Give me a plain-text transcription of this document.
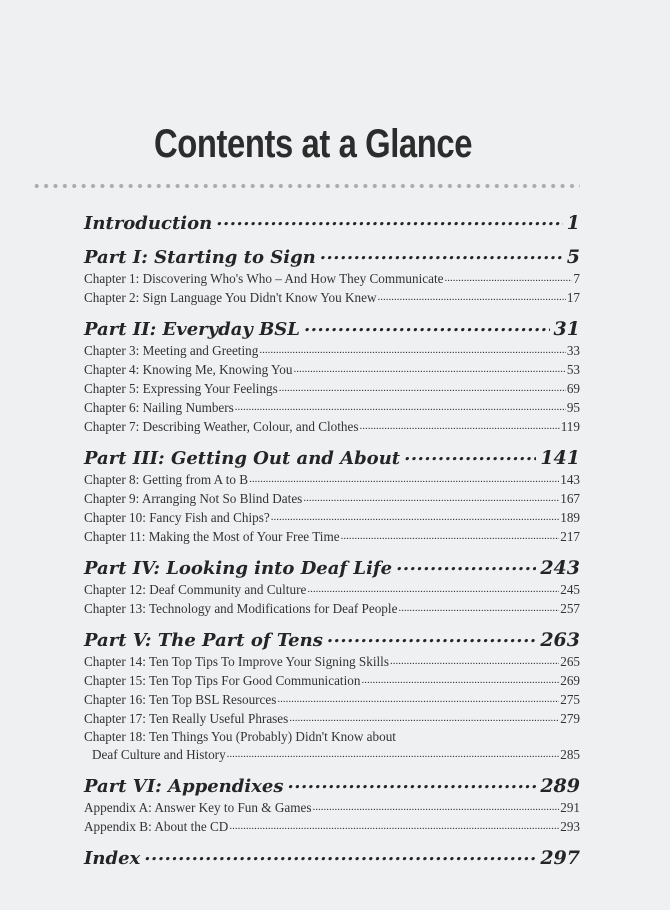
Contents at a Glance
Introduction .....	1
Part I: Starting to Sign .....	5
Chapter 1: Discovering Who's Who – And How They Communicate .....	7
Chapter 2: Sign Language You Didn't Know You Knew .....	17
Part II: Everyday BSL .....	31
Chapter 3: Meeting and Greeting .....	33
Chapter 4: Knowing Me, Knowing You .....	53
Chapter 5: Expressing Your Feelings .....	69
Chapter 6: Nailing Numbers .....	95
Chapter 7: Describing Weather, Colour, and Clothes .....	119
Part III: Getting Out and About .....	141
Chapter 8: Getting from A to B .....	143
Chapter 9: Arranging Not So Blind Dates .....	167
Chapter 10: Fancy Fish and Chips? .....	189
Chapter 11: Making the Most of Your Free Time .....	217
Part IV: Looking into Deaf Life .....	243
Chapter 12: Deaf Community and Culture .....	245
Chapter 13: Technology and Modifications for Deaf People .....	257
Part V: The Part of Tens .....	263
Chapter 14: Ten Top Tips To Improve Your Signing Skills .....	265
Chapter 15: Ten Top Tips For Good Communication .....	269
Chapter 16: Ten Top BSL Resources .....	275
Chapter 17: Ten Really Useful Phrases .....	279
Chapter 18: Ten Things You (Probably) Didn't Know about
Deaf Culture and History .....	285
Part VI: Appendixes .....	289
Appendix A: Answer Key to Fun & Games .....	291
Appendix B: About the CD .....	293
Index .....	297
